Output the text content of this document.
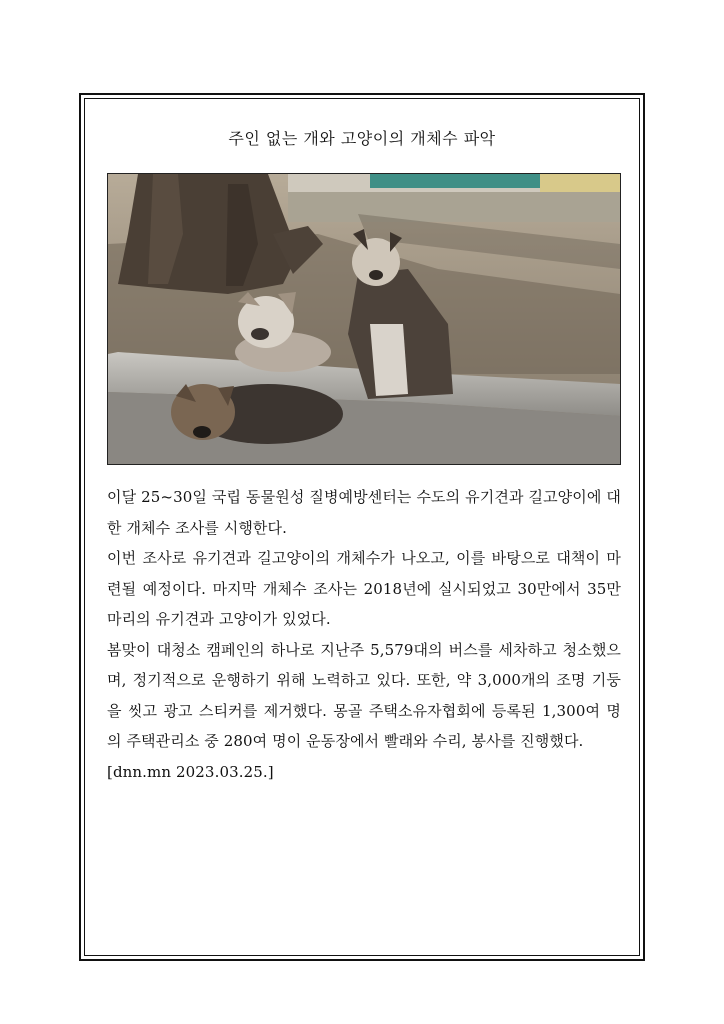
주인 없는 개와 고양이의 개체수 파악

이달 25~30일 국립 동물원성 질병예방센터는 수도의 유기견과 길고양이에 대한 개체수 조사를 시행한다.

이번 조사로 유기견과 길고양이의 개체수가 나오고, 이를 바탕으로 대책이 마련될 예정이다. 마지막 개체수 조사는 2018년에 실시되었고 30만에서 35만 마리의 유기견과 고양이가 있었다.

봄맞이 대청소 캠페인의 하나로 지난주 5,579대의 버스를 세차하고 청소했으며, 정기적으로 운행하기 위해 노력하고 있다. 또한, 약 3,000개의 조명 기둥을 씻고 광고 스티커를 제거했다. 몽골 주택소유자협회에 등록된 1,300여 명의 주택관리소 중 280여 명이 운동장에서 빨래와 수리, 봉사를 진행했다.

[dnn.mn 2023.03.25.]
